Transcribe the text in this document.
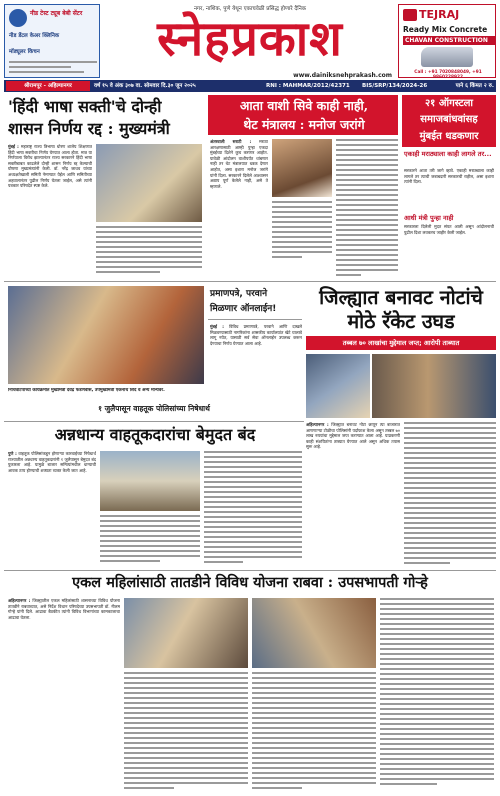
नीड टेस्ट ट्यूब बेबी सेंटर
नीड डेंटल केअर क्लिनिक
मॉड्यूलर किचन
नगर, नाशिक, पुणे येथून एकाचवेळी प्रसिद्ध होणारे दैनिक
स्नेहप्रकाश
www.dainiksnehprakash.com
TEJRAJ
Ready Mix Concrete
CHAVAN CONSTRUCTION
Call : +91 7020848049, +91 9860228922
श्रीरामपूर - अहिल्यानगर	वर्ष १५ वे अंक ३०७ वा. सोमवार दि.३० जून २०२५	RNI : MAHMAR/2012/42371	BIS/SRP/134/2024-26	पाने ६ किंमत २ रु.
'हिंदी भाषा सक्ती'चे दोन्ही
शासन निर्णय रद्द : मुख्यमंत्री
मुंबई : महाराष्ट्र राज्य त्रिभाषा धोरण शालेय शिक्षणात हिंदी भाषा सक्तीचा निर्णय घेण्यात आला होता. मात्र या निर्णयाला विरोध झाल्यानंतर राज्य सरकारने हिंदी भाषा सक्तीबाबत काढलेले दोन्ही शासन निर्णय रद्द केल्याची घोषणा मुख्यमंत्र्यांनी केली. डॉ. नरेंद्र जाधव यांच्या अध्यक्षतेखाली समिती नेमण्यात येईल आणि समितीच्या अहवालानंतर पुढील निर्णय घेतला जाईल, असे त्यांनी पत्रकार परिषदेत स्पष्ट केले.
आता वाशी सिवे काही नाही,
थेट मंत्रालय : मनोज जरांगे
अंतरवाली सराटी : मराठा आरक्षणासाठी आम्ही पुन्हा एकदा मुंबईच्या दिशेने कूच करणार आहोत. यावेळी आंदोलन वाशीपर्यंत थांबणार नाही तर थेट मंत्रालयात धडक देणार आहोत, असा इशारा मनोज जरांगे यांनी दिला. सरकारने दिलेले आश्वासन अद्याप पूर्ण केलेले नाही, असे ते म्हणाले.
२१ ऑगस्टला
समाजबांधवांसह
मुंबईत धडकणार
एकाही मराठ्याला काही लागले तर...
सरकारने आता तरी जागे व्हावे. एकाही मराठ्याला काही लागले तर त्याची जबाबदारी सरकारची राहील, असा इशारा त्यांनी दिला.
आधी मंत्री पुन्हा नाही
सरकारला दिलेली मुदत संपत आली असून आंदोलनाची पुढील दिशा लवकरच जाहीर केली जाईल.
निधिवाटपाच्या कार्यक्रमात मुख्यमंत्री देवेंद्र फडणवीस, उपमुख्यमंत्री एकनाथ शिंदे व अन्य मान्यवर.
प्रमाणपत्रे, परवाने
मिळणार ऑनलाईन!
मुंबई : विविध प्रमाणपत्रे, परवाने आणि दाखले मिळवण्यासाठी नागरिकांना शासकीय कार्यालयांत खेटे घालावे लागू नयेत, यासाठी सर्व सेवा ऑनलाईन उपलब्ध करून देण्याचा निर्णय घेण्यात आला आहे.
जिल्ह्यात बनावट नोटांचे मोठे रॅकेट उघड
तब्बल ७० लाखांचा मुद्देमाल जप्त; आरोपी ताब्यात
१ जुलैपासून वाहतूक पोलिसांच्या निषेधार्थ
अन्नधान्य वाहतूकदारांचा बेमुदत बंद
पुणे : वाहतूक पोलिसांकडून होणाऱ्या कारवाईच्या निषेधार्थ राज्यातील अन्नधान्य वाहतूकदारांनी १ जुलैपासून बेमुदत बंद पुकारला आहे. यामुळे बाजार समित्यांमधील धान्याची आवक ठप्प होण्याची शक्यता व्यक्त केली जात आहे.
अहिल्यानगर : जिल्ह्यात बनावट नोटा छापून त्या बाजारात आणणाऱ्या टोळीचा पोलिसांनी पर्दाफाश केला असून तब्बल ७० लाख रुपयांचा मुद्देमाल जप्त करण्यात आला आहे. याप्रकरणी काही संशयितांना ताब्यात घेण्यात आले असून अधिक तपास सुरू आहे.
एकल महिलांसाठी तातडीने विविध योजना राबवा : उपसभापती गोऱ्हे
अहिल्यानगर : जिल्ह्यातील एकल महिलांसाठी शासनाच्या विविध योजना तातडीने राबवाव्यात, असे निर्देश विधान परिषदेच्या उपसभापती डॉ. नीलम गोऱ्हे यांनी दिले. आढावा बैठकीत त्यांनी विविध विभागांच्या कामकाजाचा आढावा घेतला.
